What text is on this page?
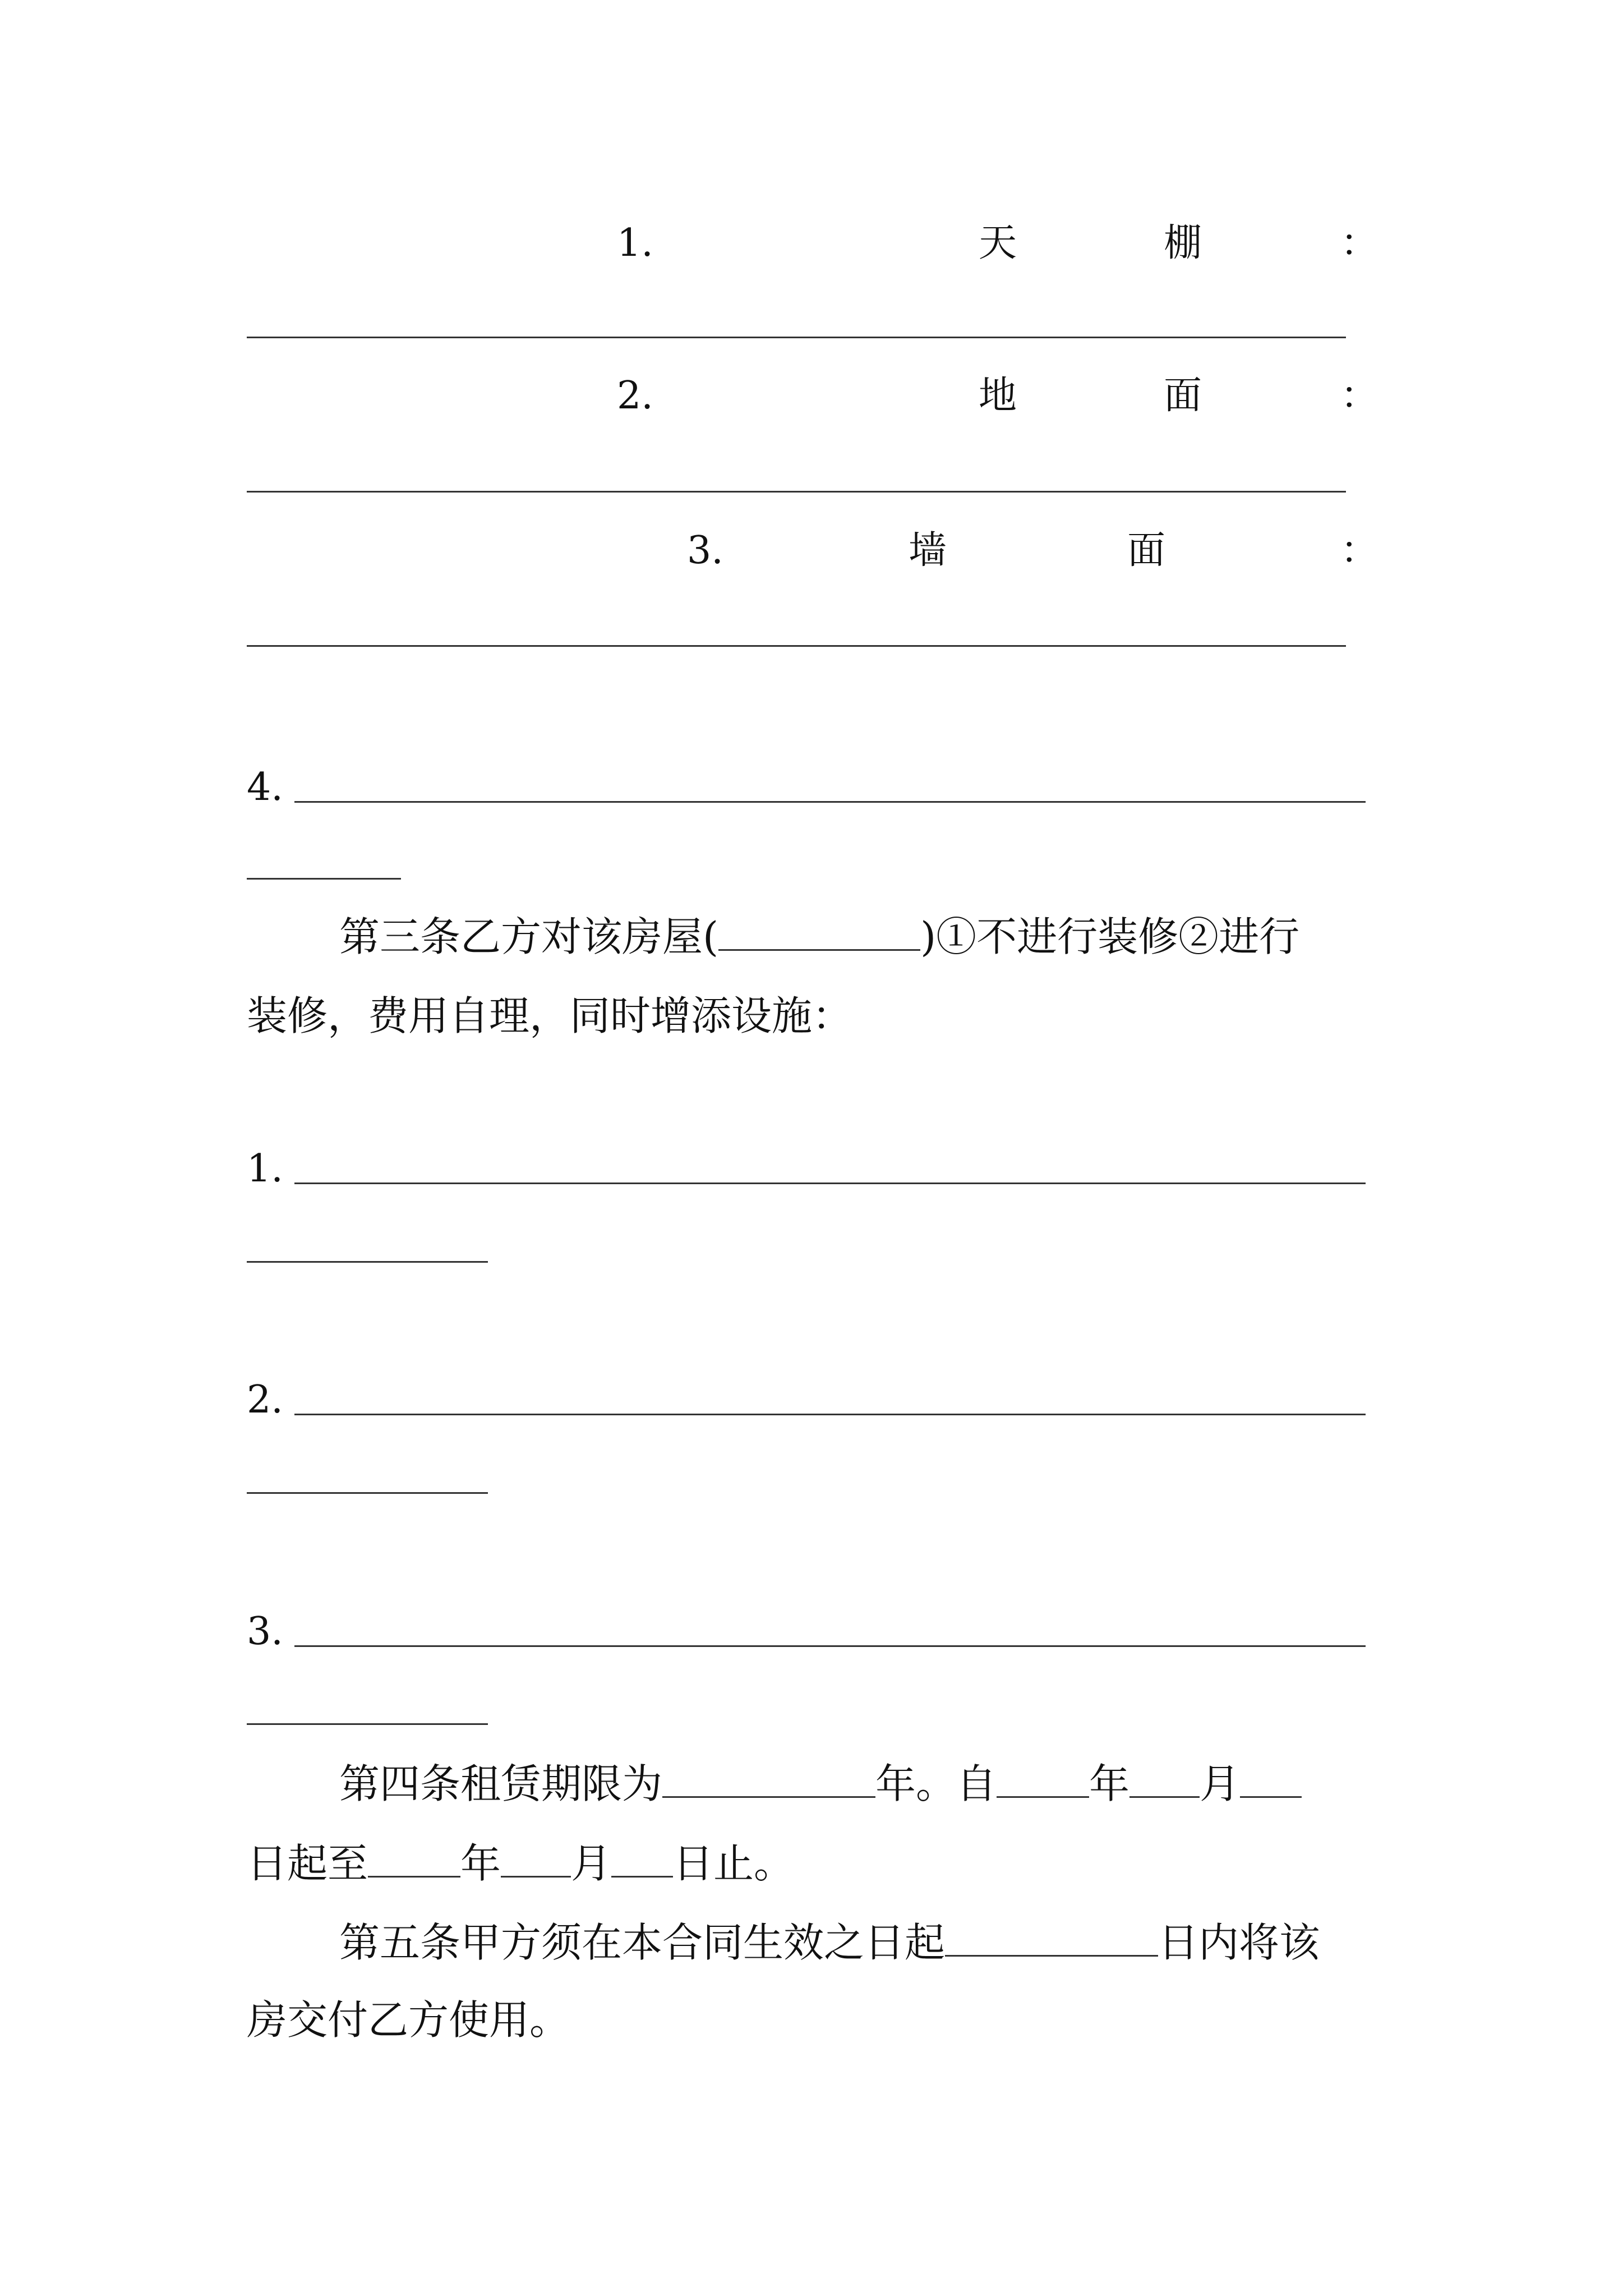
1.	天	棚	：
2.	地	面	：
3.	墙	面	：
4.
第三条乙方对该房屋(	)①不进行装修②进行
装修，费用自理，同时增添设施：
1.
2.
3.
第四条租赁期限为	年。自 年 月
日起至 年 月 日止。
第五条甲方须在本合同生效之日起	日内将该
房交付乙方使用。
